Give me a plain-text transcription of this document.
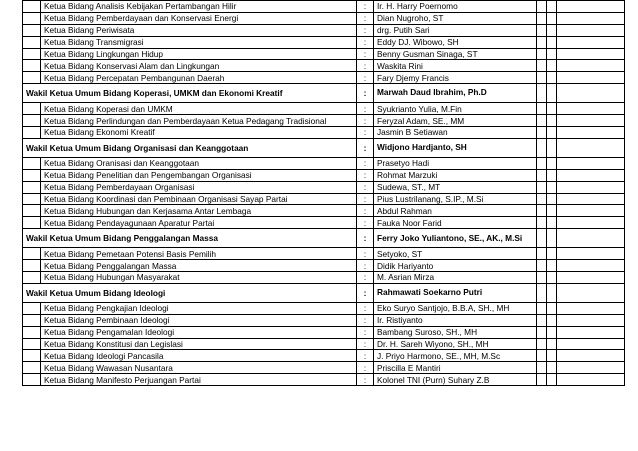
	Ketua Bidang Analisis Kebijakan Pertambangan Hilir	:	Ir. H. Harry Poernomo			
	Ketua Bidang Pemberdayaan dan Konservasi Energi	:	Dian Nugroho, ST			
	Ketua Bidang Periwisata	:	drg. Putih Sari			
	Ketua Bidang Transmigrasi	:	Eddy DJ. Wibowo, SH			
	Ketua Bidang Lingkungan Hidup	:	Benny Gusman Sinaga, ST			
	Ketua Bidang Konservasi Alam dan Lingkungan	:	Waskita Rini			
	Ketua Bidang Percepatan Pembangunan Daerah	:	Fary Djemy Francis			
Wakil Ketua Umum Bidang Koperasi, UMKM dan Ekonomi Kreatif		:	Marwah Daud Ibrahim, Ph.D			
	Ketua Bidang Koperasi dan UMKM	:	Syukrianto Yulia, M.Fin			
	Ketua Bidang Perlindungan dan Pemberdayaan Ketua Pedagang Tradisional	:	Feryzal Adam, SE., MM			
	Ketua Bidang Ekonomi Kreatif	:	Jasmin B Setiawan			
Wakil Ketua Umum Bidang Organisasi dan Keanggotaan		:	Widjono Hardjanto, SH			
	Ketua Bidang Oranisasi dan Keanggotaan	:	Prasetyo Hadi			
	Ketua Bidang Penelitian dan Pengembangan Organisasi	:	Rohmat Marzuki			
	Ketua Bidang Pemberdayaan Organisasi	:	Sudewa, ST., MT			
	Ketua Bidang Koordinasi dan Pembinaan Organisasi Sayap Partai	:	Pius Lustrilanang, S.IP., M.Si			
	Ketua Bidang Hubungan dan Kerjasama Antar Lembaga	:	Abdul Rahman			
	Ketua Bidang Pendayagunaan Aparatur Partai	:	Fauka Noor Farid			
Wakil Ketua Umum Bidang Penggalangan Massa		:	Ferry Joko Yuliantono, SE., AK., M.Si			
	Ketua Bidang Pemetaan Potensi Basis Pemilih	:	Setyoko, ST			
	Ketua Bidang Penggalangan Massa	:	Didik Hariyanto			
	Ketua Bidang Hubungan Masyarakat	:	M. Asrian Mirza			
Wakil Ketua Umum Bidang Ideologi		:	Rahmawati Soekarno Putri			
	Ketua Bidang Pengkajian Ideologi	:	Eko Suryo Santjojo, B.B.A, SH., MH			
	Ketua Bidang Pembinaan Ideologi	:	Ir. Ristiyanto			
	Ketua Bidang Pengamalan Ideologi	:	Bambang Suroso, SH., MH			
	Ketua Bidang Konstitusi dan Legislasi	:	Dr. H. Sareh Wiyono, SH., MH			
	Ketua Bidang Ideologi Pancasila	:	J. Priyo Harmono, SE., MH, M.Sc			
	Ketua Bidang Wawasan Nusantara	:	Priscilla E Mantiri			
	Ketua Bidang Manifesto Perjuangan Partai	:	Kolonel TNI (Purn) Suhary Z.B			
